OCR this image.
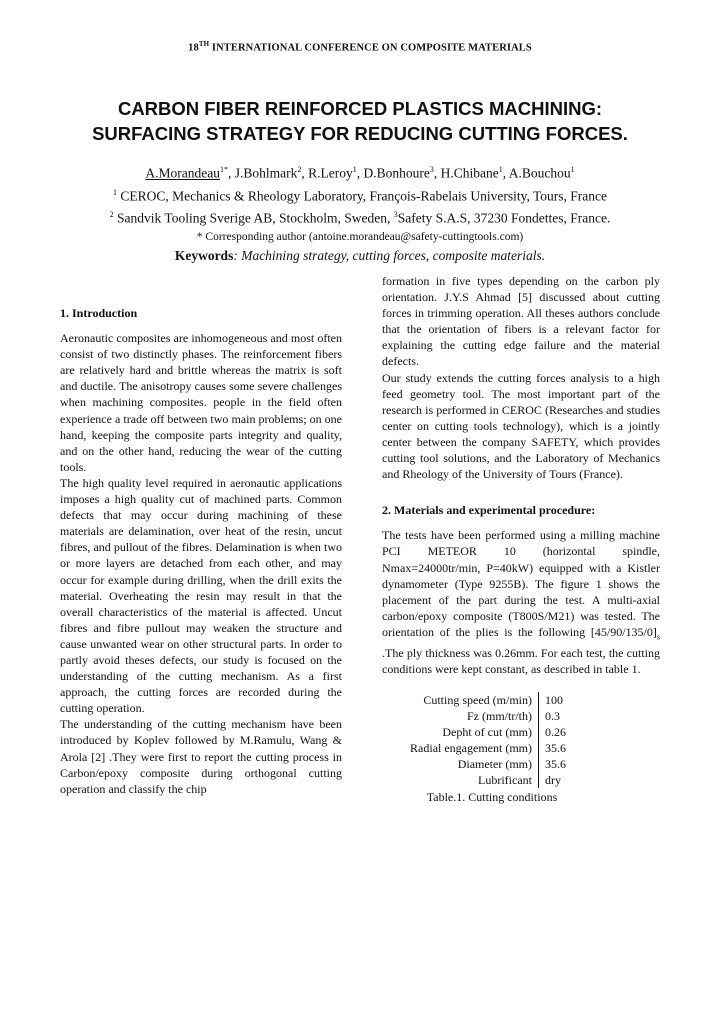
18TH INTERNATIONAL CONFERENCE ON COMPOSITE MATERIALS
CARBON FIBER REINFORCED PLASTICS MACHINING:
SURFACING STRATEGY FOR REDUCING CUTTING FORCES.
A.Morandeau$^{1*}$, J.Bohlmark$^2$, R.Leroy$^1$, D.Bonhoure$^3$, H.Chibane$^1$, A.Bouchou$^1$
$^1$ CEROC, Mechanics & Rheology Laboratory, François-Rabelais University, Tours, France
$^2$ Sandvik Tooling Sverige AB, Stockholm, Sweden, $^3$Safety S.A.S, 37230 Fondettes, France.
* Corresponding author (antoine.morandeau@safety-cuttingtools.com)
Keywords: Machining strategy, cutting forces, composite materials.

1. Introduction

Aeronautic composites are inhomogeneous and most often consist of two distinctly phases. The reinforcement fibers are relatively hard and brittle whereas the matrix is soft and ductile. The anisotropy causes some severe challenges when machining composites. people in the field often experience a trade off between two main problems; on one hand, keeping the composite parts integrity and quality, and on the other hand, reducing the wear of the cutting tools.

The high quality level required in aeronautic applications imposes a high quality cut of machined parts. Common defects that may occur during machining of these materials are delamination, over heat of the resin, uncut fibres, and pullout of the fibres. Delamination is when two or more layers are detached from each other, and may occur for example during drilling, when the drill exits the material. Overheating the resin may result in that the overall characteristics of the material is affected. Uncut fibres and fibre pullout may weaken the structure and cause unwanted wear on other structural parts. In order to partly avoid theses defects, our study is focused on the understanding of the cutting mechanism. As a first approach, the cutting forces are recorded during the cutting operation.

The understanding of the cutting mechanism have been introduced by Koplev followed by M.Ramulu, Wang & Arola [2] .They were first to report the cutting process in Carbon/epoxy composite during orthogonal cutting operation and classify the chip

formation in five types depending on the carbon ply orientation. J.Y.S Ahmad [5] discussed about cutting forces in trimming operation. All theses authors conclude that the orientation of fibers is a relevant factor for explaining the cutting edge failure and the material defects.

Our study extends the cutting forces analysis to a high feed geometry tool. The most important part of the research is performed in CEROC (Researches and studies center on cutting tools technology), which is a jointly center between the company SAFETY, which provides cutting tool solutions, and the Laboratory of Mechanics and Rheology of the University of Tours (France).

2. Materials and experimental procedure:

The tests have been performed using a milling machine PCI METEOR 10 (horizontal spindle, Nmax=24000tr/min, P=40kW) equipped with a Kistler dynamometer (Type 9255B). The figure 1 shows the placement of the part during the test. A multi-axial carbon/epoxy composite (T800S/M21) was tested. The orientation of the plies is the following $[45/90/135/0]_s$ .The ply thickness was 0.26mm. For each test, the cutting conditions were kept constant, as described in table 1.

Cutting speed (m/min)	100
Fz (mm/tr/th)	0.3
Depht of cut (mm)	0.26
Radial engagement (mm)	35.6
Diameter (mm)	35.6
Lubrificant	dry
Table.1. Cutting conditions
